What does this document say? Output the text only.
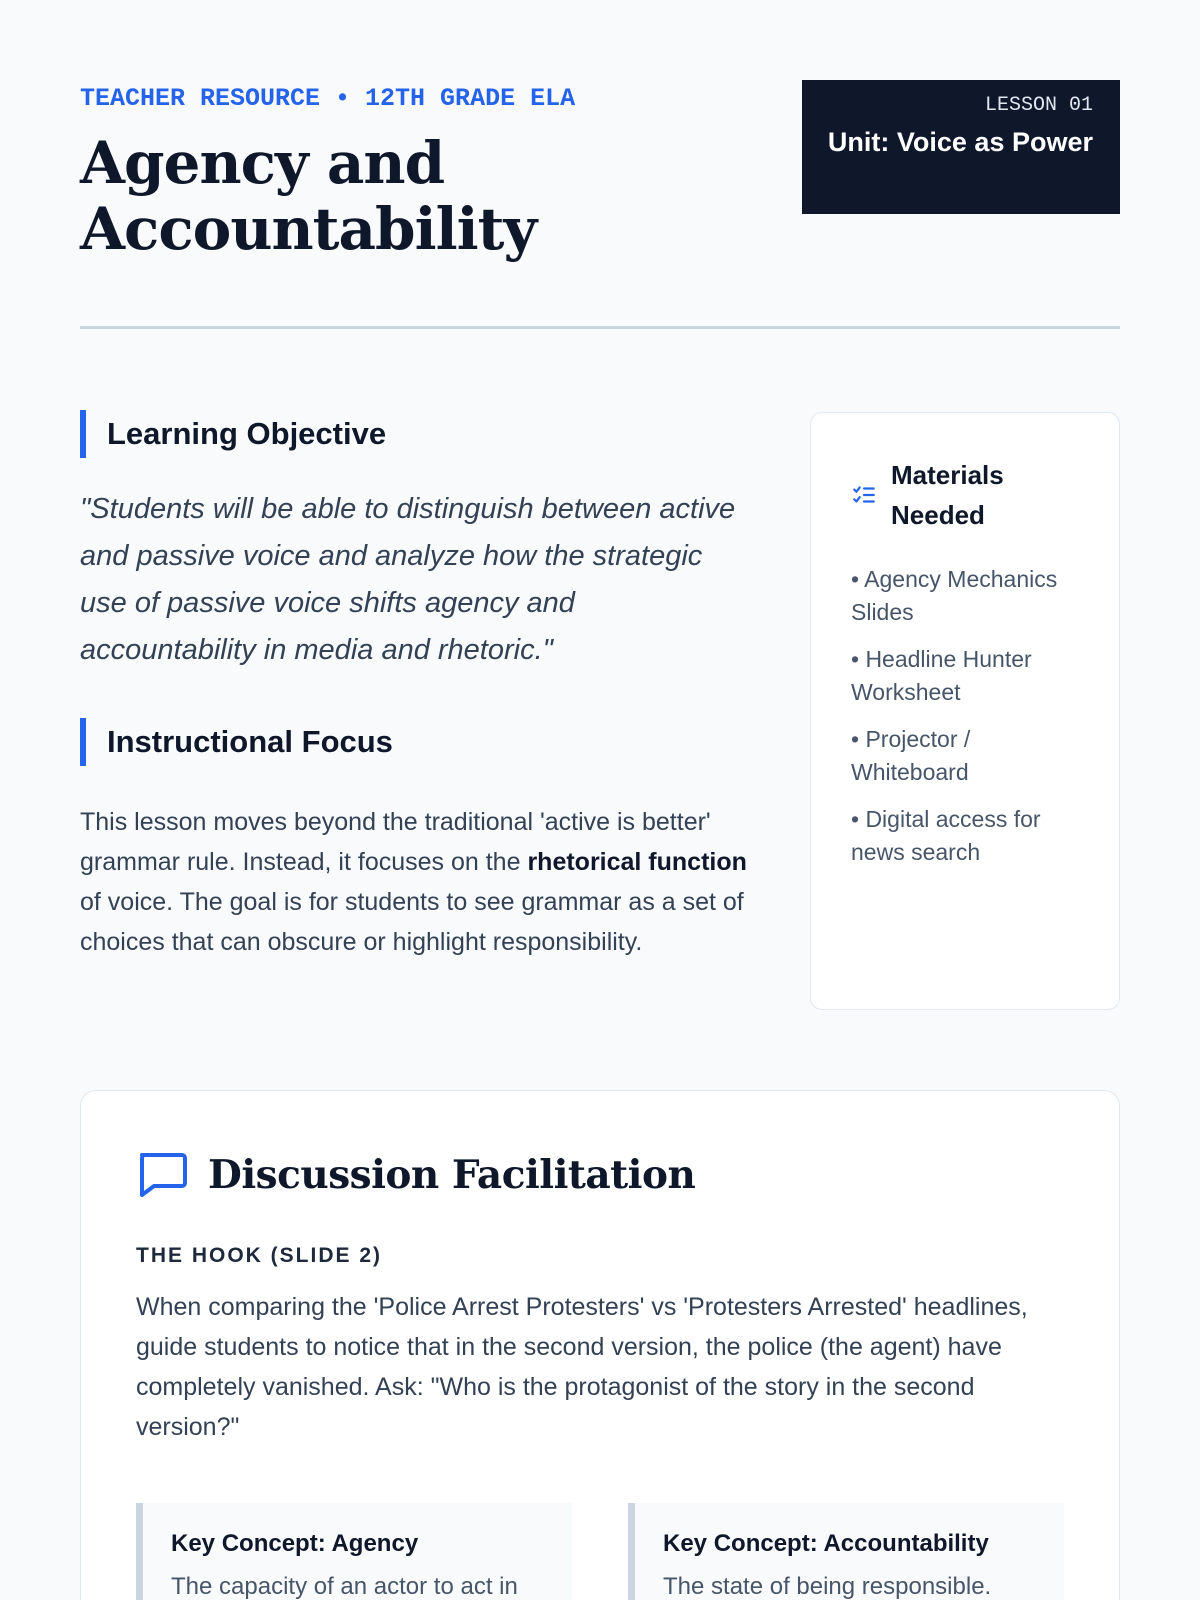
TEACHER RESOURCE • 12TH GRADE ELA
Agency and Accountability
LESSON 01
Unit: Voice as Power
Learning Objective

"Students will be able to distinguish between active and passive voice and analyze how the strategic use of passive voice shifts agency and accountability in media and rhetoric."

Instructional Focus

This lesson moves beyond the traditional 'active is better' grammar rule. Instead, it focuses on the rhetorical function of voice. The goal is for students to see grammar as a set of choices that can obscure or highlight responsibility.

Materials Needed
• Agency Mechanics Slides
• Headline Hunter Worksheet
• Projector / Whiteboard
• Digital access for news search
Discussion Facilitation
THE HOOK (SLIDE 2)

When comparing the 'Police Arrest Protesters' vs 'Protesters Arrested' headlines, guide students to notice that in the second version, the police (the agent) have completely vanished. Ask: "Who is the protagonist of the story in the second version?"

Key Concept: Agency
The capacity of an actor to act in
Key Concept: Accountability
The state of being responsible.
